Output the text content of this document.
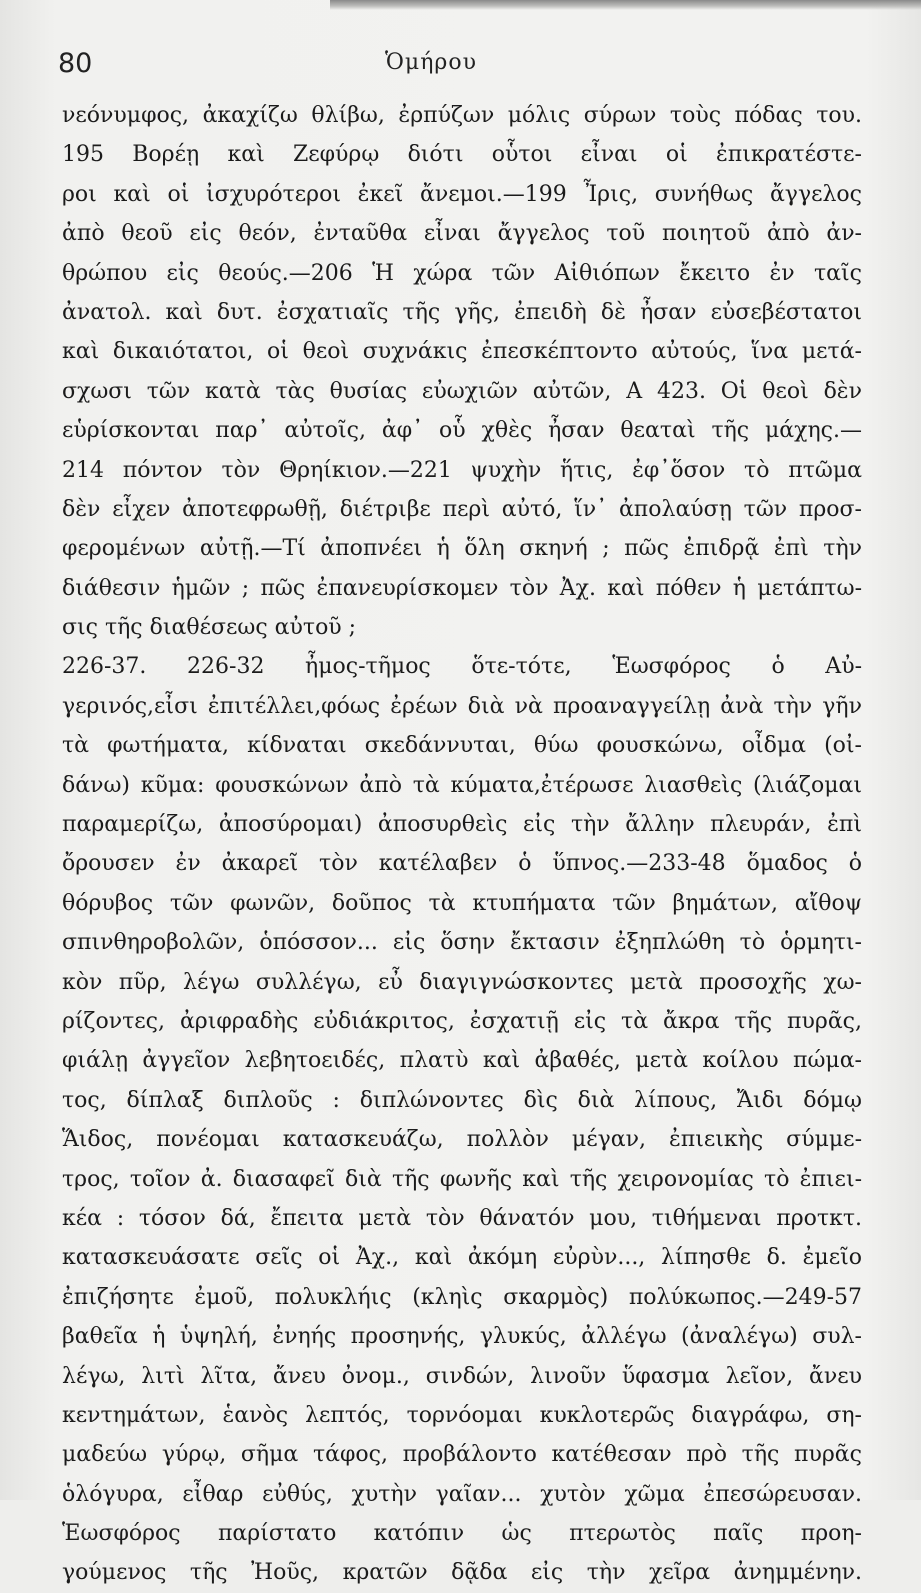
80	Ὁμήρου
νεόνυμφος, ἀκαχίζω θλίβω, ἐρπύζων μόλις σύρων τοὺς πόδας του.
195 Βορέῃ καὶ Ζεφύρῳ διότι οὗτοι εἶναι οἱ ἐπικρατέστε-
ροι καὶ οἱ ἰσχυρότεροι ἐκεῖ ἄνεμοι.—199 Ἶρις, συνήθως ἄγγελος
ἀπὸ θεοῦ εἰς θεόν, ἐνταῦθα εἶναι ἄγγελος τοῦ ποιητοῦ ἀπὸ ἀν-
θρώπου εἰς θεούς.—206 Ἡ χώρα τῶν Αἰθιόπων ἔκειτο ἐν ταῖς
ἀνατολ. καὶ δυτ. ἐσχατιαῖς τῆς γῆς, ἐπειδὴ δὲ ἦσαν εὐσεβέστατοι
καὶ δικαιότατοι, οἱ θεοὶ συχνάκις ἐπεσκέπτοντο αὐτούς, ἵνα μετά-
σχωσι τῶν κατὰ τὰς θυσίας εὐωχιῶν αὐτῶν, Α 423. Οἱ θεοὶ δὲν
εὑρίσκονται παρ᾽ αὐτοῖς, ἀφ᾽ οὗ χθὲς ἦσαν θεαταὶ τῆς μάχης.—
214 πόντον τὸν Θρηίκιον.—221 ψυχὴν ἥτις, ἐφ᾽ὅσον τὸ πτῶμα
δὲν εἶχεν ἀποτεφρωθῇ, διέτριβε περὶ αὐτό, ἵν᾽ ἀπολαύσῃ τῶν προσ-
φερομένων αὐτῇ.—Τί ἀποπνέει ἡ ὅλη σκηνή ; πῶς ἐπιδρᾷ ἐπὶ τὴν
διάθεσιν ἡμῶν ; πῶς ἐπανευρίσκομεν τὸν Ἀχ. καὶ πόθεν ἡ μετάπτω-
σις τῆς διαθέσεως αὐτοῦ ;
226-37. 226-32 ἦμος-τῆμος ὅτε-τότε, Ἑωσφόρος ὁ Αὐ-
γερινός,εἶσι ἐπιτέλλει,φόως ἐρέων διὰ νὰ προαναγγείλῃ ἀνὰ τὴν γῆν
τὰ φωτήματα, κίδναται σκεδάννυται, θύω φουσκώνω, οἶδμα (οἰ-
δάνω) κῦμα: φουσκώνων ἀπὸ τὰ κύματα,ἐτέρωσε λιασθεὶς (λιάζομαι
παραμερίζω, ἀποσύρομαι) ἀποσυρθεὶς εἰς τὴν ἄλλην πλευράν, ἐπὶ
ὄρουσεν ἐν ἀκαρεῖ τὸν κατέλαβεν ὁ ὕπνος.—233-48 ὅμαδος ὁ
θόρυβος τῶν φωνῶν, δοῦπος τὰ κτυπήματα τῶν βημάτων, αἴθοψ
σπινθηροβολῶν, ὁπόσσον... εἰς ὅσην ἔκτασιν ἐξηπλώθη τὸ ὁρμητι-
κὸν πῦρ, λέγω συλλέγω, εὖ διαγιγνώσκοντες μετὰ προσοχῆς χω-
ρίζοντες, ἀριφραδὴς εὐδιάκριτος, ἐσχατιῇ εἰς τὰ ἄκρα τῆς πυρᾶς,
φιάλῃ ἀγγεῖον λεβητοειδές, πλατὺ καὶ ἀβαθές, μετὰ κοίλου πώμα-
τος, δίπλαξ διπλοῦς : διπλώνοντες δὶς διὰ λίπους, Ἄιδι δόμῳ
Ἅιδος, πονέομαι κατασκευάζω, πολλὸν μέγαν, ἐπιεικὴς σύμμε-
τρος, τοῖον ἀ. διασαφεῖ διὰ τῆς φωνῆς καὶ τῆς χειρονομίας τὸ ἐπιει-
κέα : τόσον δά, ἔπειτα μετὰ τὸν θάνατόν μου, τιθήμεναι προτκτ.
κατασκευάσατε σεῖς οἱ Ἀχ., καὶ ἀκόμη εὐρὺν..., λίπησθε δ. ἐμεῖο
ἐπιζήσητε ἐμοῦ, πολυκλήις (κληὶς σκαρμὸς) πολύκωπος.—249-57
βαθεῖα ἡ ὑψηλή, ἐνηής προσηνής, γλυκύς, ἀλλέγω (ἀναλέγω) συλ-
λέγω, λιτὶ λῖτα, ἄνευ ὀνομ., σινδών, λινοῦν ὕφασμα λεῖον, ἄνευ
κεντημάτων, ἑανὸς λεπτός, τορνόομαι κυκλοτερῶς διαγράφω, ση-
μαδεύω γύρῳ, σῆμα τάφος, προβάλοντο κατέθεσαν πρὸ τῆς πυρᾶς
ὁλόγυρα, εἶθαρ εὐθύς, χυτὴν γαῖαν... χυτὸν χῶμα ἐπεσώρευσαν.
Ἑωσφόρος παρίστατο κατόπιν ὡς πτερωτὸς παῖς προη-
γούμενος τῆς Ἠοῦς, κρατῶν δᾷδα εἰς τὴν χεῖρα ἀνημμένην.
